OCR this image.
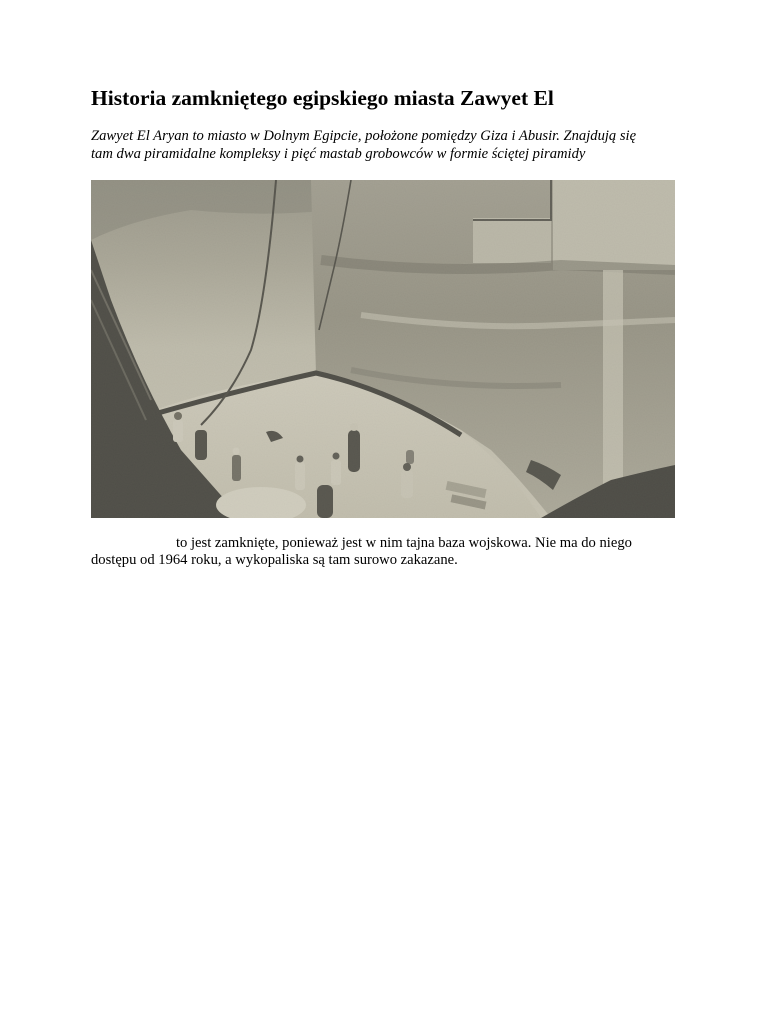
Historia zamkniętego egipskiego miasta Zawyet El

Zawyet El Aryan to miasto w Dolnym Egipcie, położone pomiędzy Giza i Abusir. Znajdują się
tam dwa piramidalne kompleksy i pięć mastab grobowców w formie ściętej piramidy

to jest zamknięte, ponieważ jest w nim tajna baza wojskowa. Nie ma do niego
dostępu od 1964 roku, a wykopaliska są tam surowo zakazane.
